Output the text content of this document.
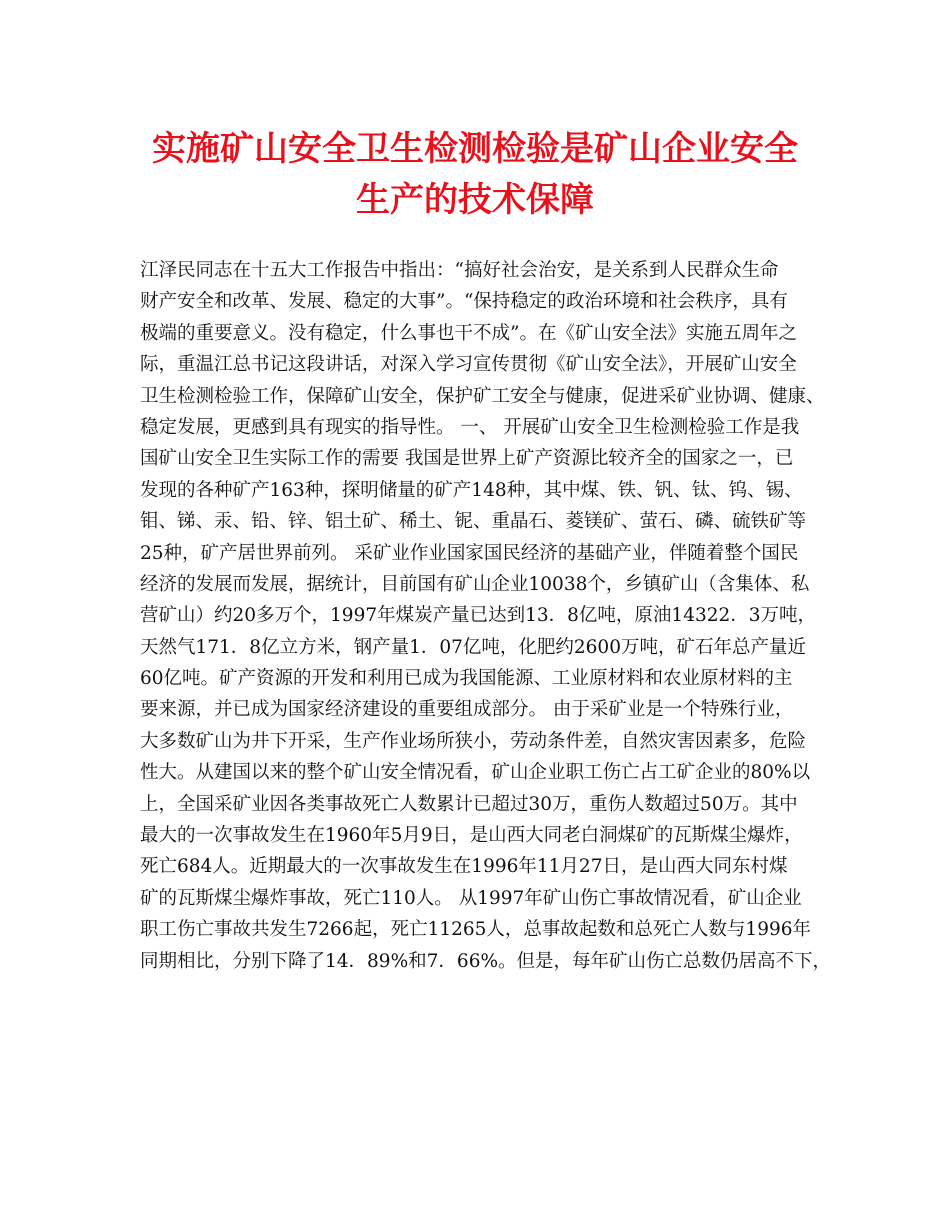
实施矿山安全卫生检测检验是矿山企业安全
生产的技术保障
江泽民同志在十五大工作报告中指出：“搞好社会治安，是关系到人民群众生命
财产安全和改革、发展、稳定的大事”。“保持稳定的政治环境和社会秩序，具有
极端的重要意义。没有稳定，什么事也干不成”。在《矿山安全法》实施五周年之
际，重温江总书记这段讲话，对深入学习宣传贯彻《矿山安全法》，开展矿山安全
卫生检测检验工作，保障矿山安全，保护矿工安全与健康，促进采矿业协调、健康、
稳定发展，更感到具有现实的指导性。 一、 开展矿山安全卫生检测检验工作是我
国矿山安全卫生实际工作的需要 我国是世界上矿产资源比较齐全的国家之一，已
发现的各种矿产163种，探明储量的矿产148种，其中煤、铁、钒、钛、钨、锡、
钼、锑、汞、铅、锌、铝土矿、稀土、铌、重晶石、菱镁矿、萤石、磷、硫铁矿等
25种，矿产居世界前列。 采矿业作业国家国民经济的基础产业，伴随着整个国民
经济的发展而发展，据统计，目前国有矿山企业10038个，乡镇矿山（含集体、私
营矿山）约20多万个，1997年煤炭产量已达到13．8亿吨，原油14322．3万吨，
天然气171．8亿立方米，钢产量1．07亿吨，化肥约2600万吨，矿石年总产量近
60亿吨。矿产资源的开发和利用已成为我国能源、工业原材料和农业原材料的主
要来源，并已成为国家经济建设的重要组成部分。 由于采矿业是一个特殊行业，
大多数矿山为井下开采，生产作业场所狭小，劳动条件差，自然灾害因素多，危险
性大。从建国以来的整个矿山安全情况看，矿山企业职工伤亡占工矿企业的80%以
上，全国采矿业因各类事故死亡人数累计已超过30万，重伤人数超过50万。其中
最大的一次事故发生在1960年5月9日，是山西大同老白洞煤矿的瓦斯煤尘爆炸，
死亡684人。近期最大的一次事故发生在1996年11月27日，是山西大同东村煤
矿的瓦斯煤尘爆炸事故，死亡110人。 从1997年矿山伤亡事故情况看，矿山企业
职工伤亡事故共发生7266起，死亡11265人，总事故起数和总死亡人数与1996年
同期相比，分别下降了14．89%和7．66%。但是，每年矿山伤亡总数仍居高不下，
